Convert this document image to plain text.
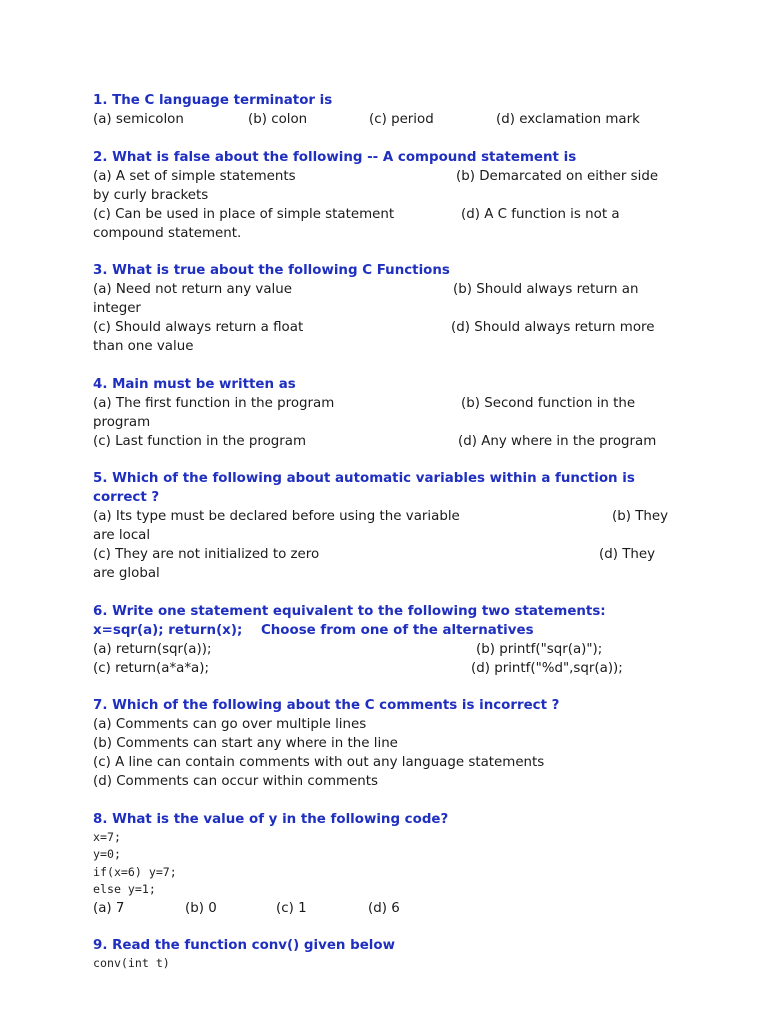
1. The C language terminator is
(a) semicolon	(b) colon	(c) period	(d) exclamation mark
2. What is false about the following -- A compound statement is
(a) A set of simple statements	(b) Demarcated on either side
by curly brackets
(c) Can be used in place of simple statement	(d) A C function is not a
compound statement.
3. What is true about the following C Functions
(a) Need not return any value	(b) Should always return an
integer
(c) Should always return a float	(d) Should always return more
than one value
4. Main must be written as
(a) The first function in the program	(b) Second function in the
program
(c) Last function in the program	(d) Any where in the program
5. Which of the following about automatic variables within a function is
correct ?
(a) Its type must be declared before using the variable	(b) They
are local
(c) They are not initialized to zero	(d) They
are global
6. Write one statement equivalent to the following two statements:
x=sqr(a); return(x);    Choose from one of the alternatives
(a) return(sqr(a));	(b) printf("sqr(a)");
(c) return(a*a*a);	(d) printf("%d",sqr(a));
7. Which of the following about the C comments is incorrect ?
(a) Comments can go over multiple lines
(b) Comments can start any where in the line
(c) A line can contain comments with out any language statements
(d) Comments can occur within comments
8. What is the value of y in the following code?
x=7;
y=0;
if(x=6) y=7;
else y=1;
(a) 7	(b) 0	(c) 1	(d) 6
9. Read the function conv() given below
conv(int t)
